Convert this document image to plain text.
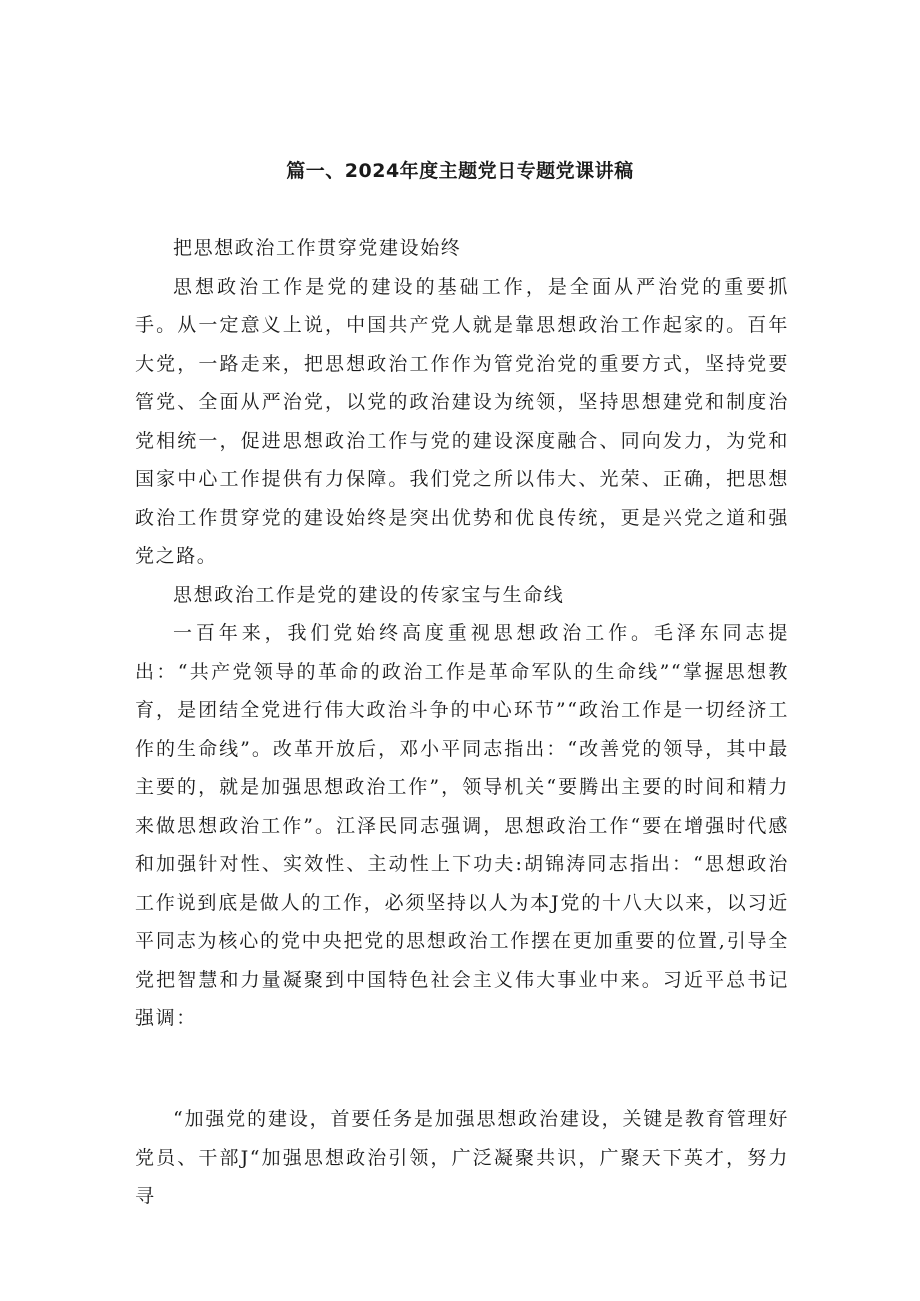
篇一、2024年度主题党日专题党课讲稿

把思想政治工作贯穿党建设始终

思想政治工作是党的建设的基础工作，是全面从严治党的重要抓手。从一定意义上说，中国共产党人就是靠思想政治工作起家的。百年大党，一路走来，把思想政治工作作为管党治党的重要方式，坚持党要管党、全面从严治党，以党的政治建设为统领，坚持思想建党和制度治党相统一，促进思想政治工作与党的建设深度融合、同向发力，为党和国家中心工作提供有力保障。我们党之所以伟大、光荣、正确，把思想政治工作贯穿党的建设始终是突出优势和优良传统，更是兴党之道和强党之路。

思想政治工作是党的建设的传家宝与生命线

一百年来，我们党始终高度重视思想政治工作。毛泽东同志提出：“共产党领导的革命的政治工作是革命军队的生命线”“掌握思想教育，是团结全党进行伟大政治斗争的中心环节”“政治工作是一切经济工作的生命线”。改革开放后，邓小平同志指出：“改善党的领导，其中最主要的，就是加强思想政治工作”，领导机关“要腾出主要的时间和精力来做思想政治工作”。江泽民同志强调，思想政治工作“要在增强时代感和加强针对性、实效性、主动性上下功夫:胡锦涛同志指出：“思想政治工作说到底是做人的工作，必须坚持以人为本J党的十八大以来，以习近平同志为核心的党中央把党的思想政治工作摆在更加重要的位置,引导全党把智慧和力量凝聚到中国特色社会主义伟大事业中来。习近平总书记强调：

“加强党的建设，首要任务是加强思想政治建设，关键是教育管理好党员、干部J“加强思想政治引领，广泛凝聚共识，广聚天下英才，努力寻
